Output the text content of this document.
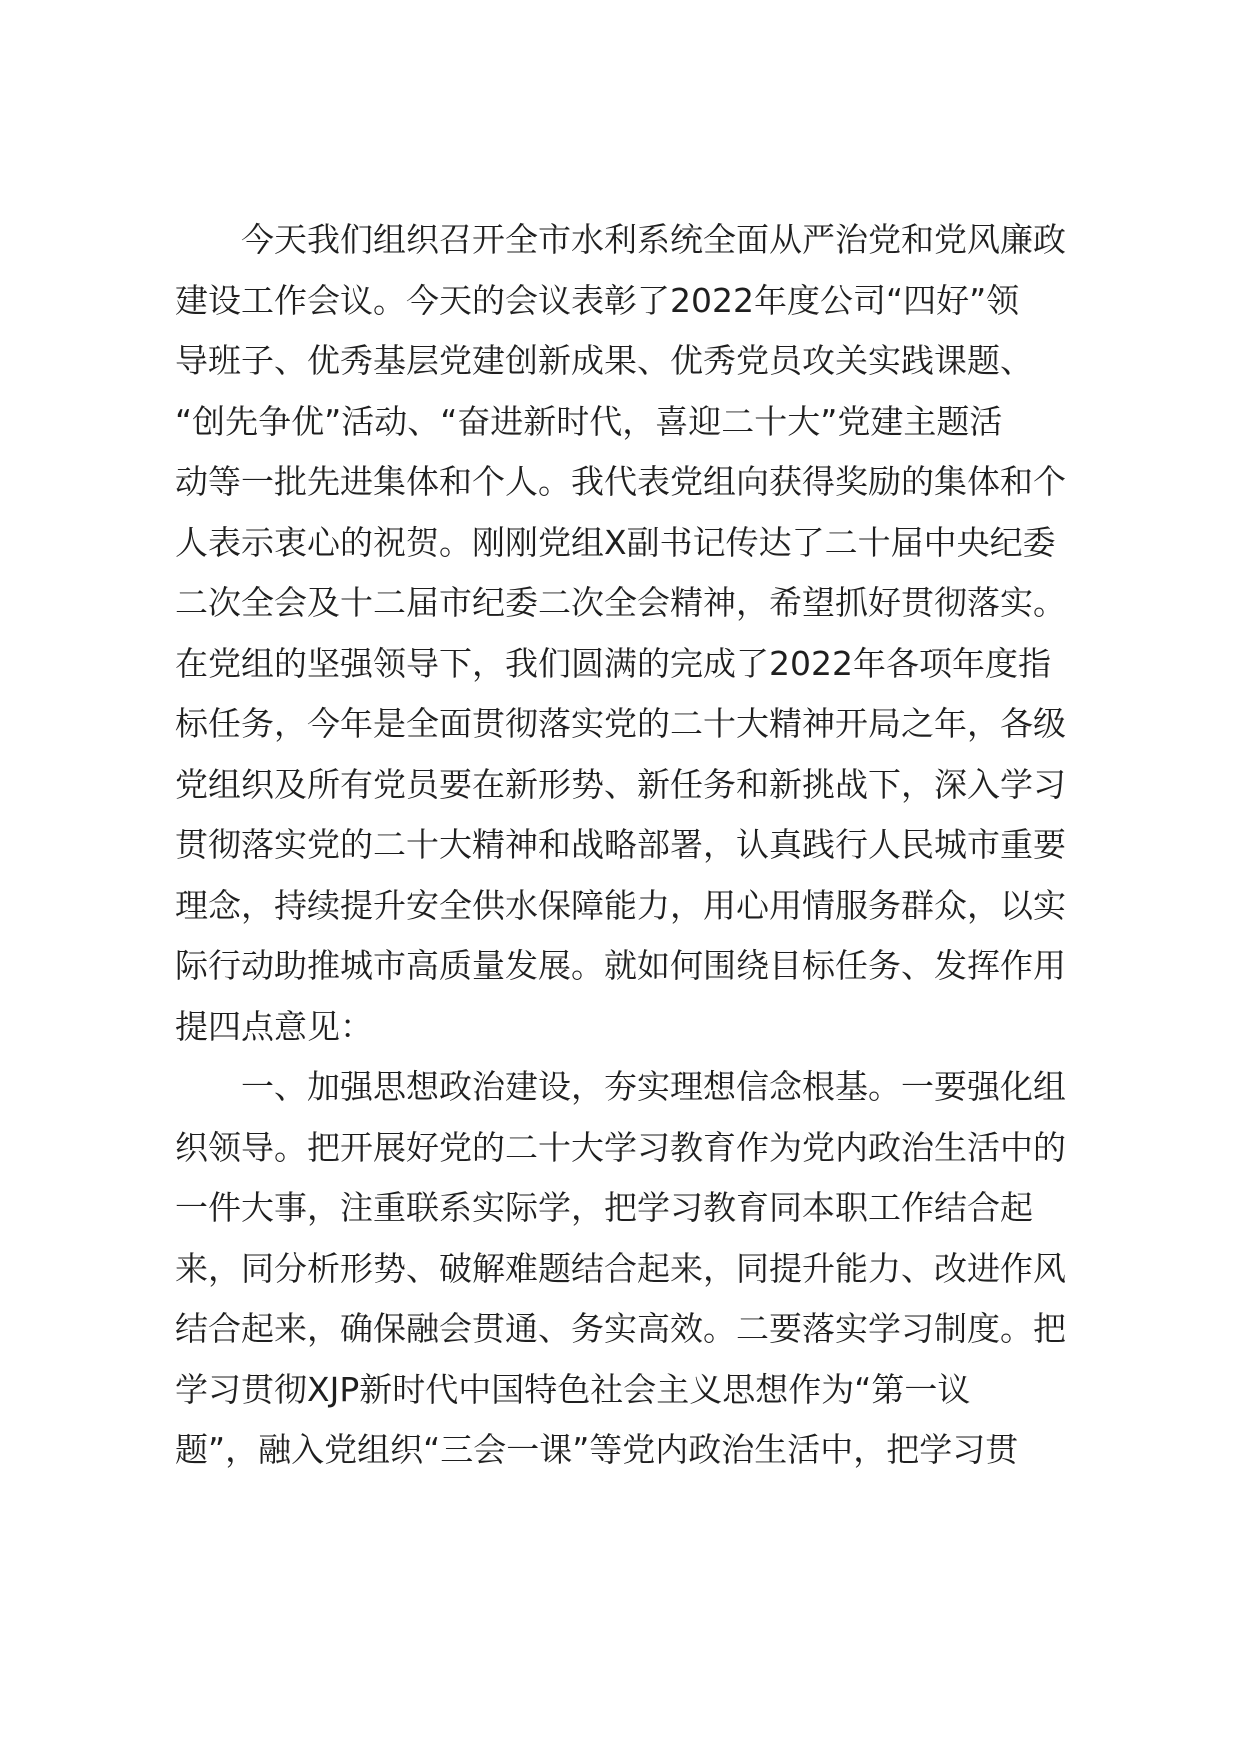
今天我们组织召开全市水利系统全面从严治党和党风廉政
建设工作会议。今天的会议表彰了2022年度公司“四好”领
导班子、优秀基层党建创新成果、优秀党员攻关实践课题、
“创先争优”活动、“奋进新时代，喜迎二十大”党建主题活
动等一批先进集体和个人。我代表党组向获得奖励的集体和个
人表示衷心的祝贺。刚刚党组X副书记传达了二十届中央纪委
二次全会及十二届市纪委二次全会精神，希望抓好贯彻落实。
在党组的坚强领导下，我们圆满的完成了2022年各项年度指
标任务，今年是全面贯彻落实党的二十大精神开局之年，各级
党组织及所有党员要在新形势、新任务和新挑战下，深入学习
贯彻落实党的二十大精神和战略部署，认真践行人民城市重要
理念，持续提升安全供水保障能力，用心用情服务群众，以实
际行动助推城市高质量发展。就如何围绕目标任务、发挥作用
提四点意见：
一、加强思想政治建设，夯实理想信念根基。一要强化组
织领导。把开展好党的二十大学习教育作为党内政治生活中的
一件大事，注重联系实际学，把学习教育同本职工作结合起
来，同分析形势、破解难题结合起来，同提升能力、改进作风
结合起来，确保融会贯通、务实高效。二要落实学习制度。把
学习贯彻XJP新时代中国特色社会主义思想作为“第一议
题”，融入党组织“三会一课”等党内政治生活中，把学习贯
